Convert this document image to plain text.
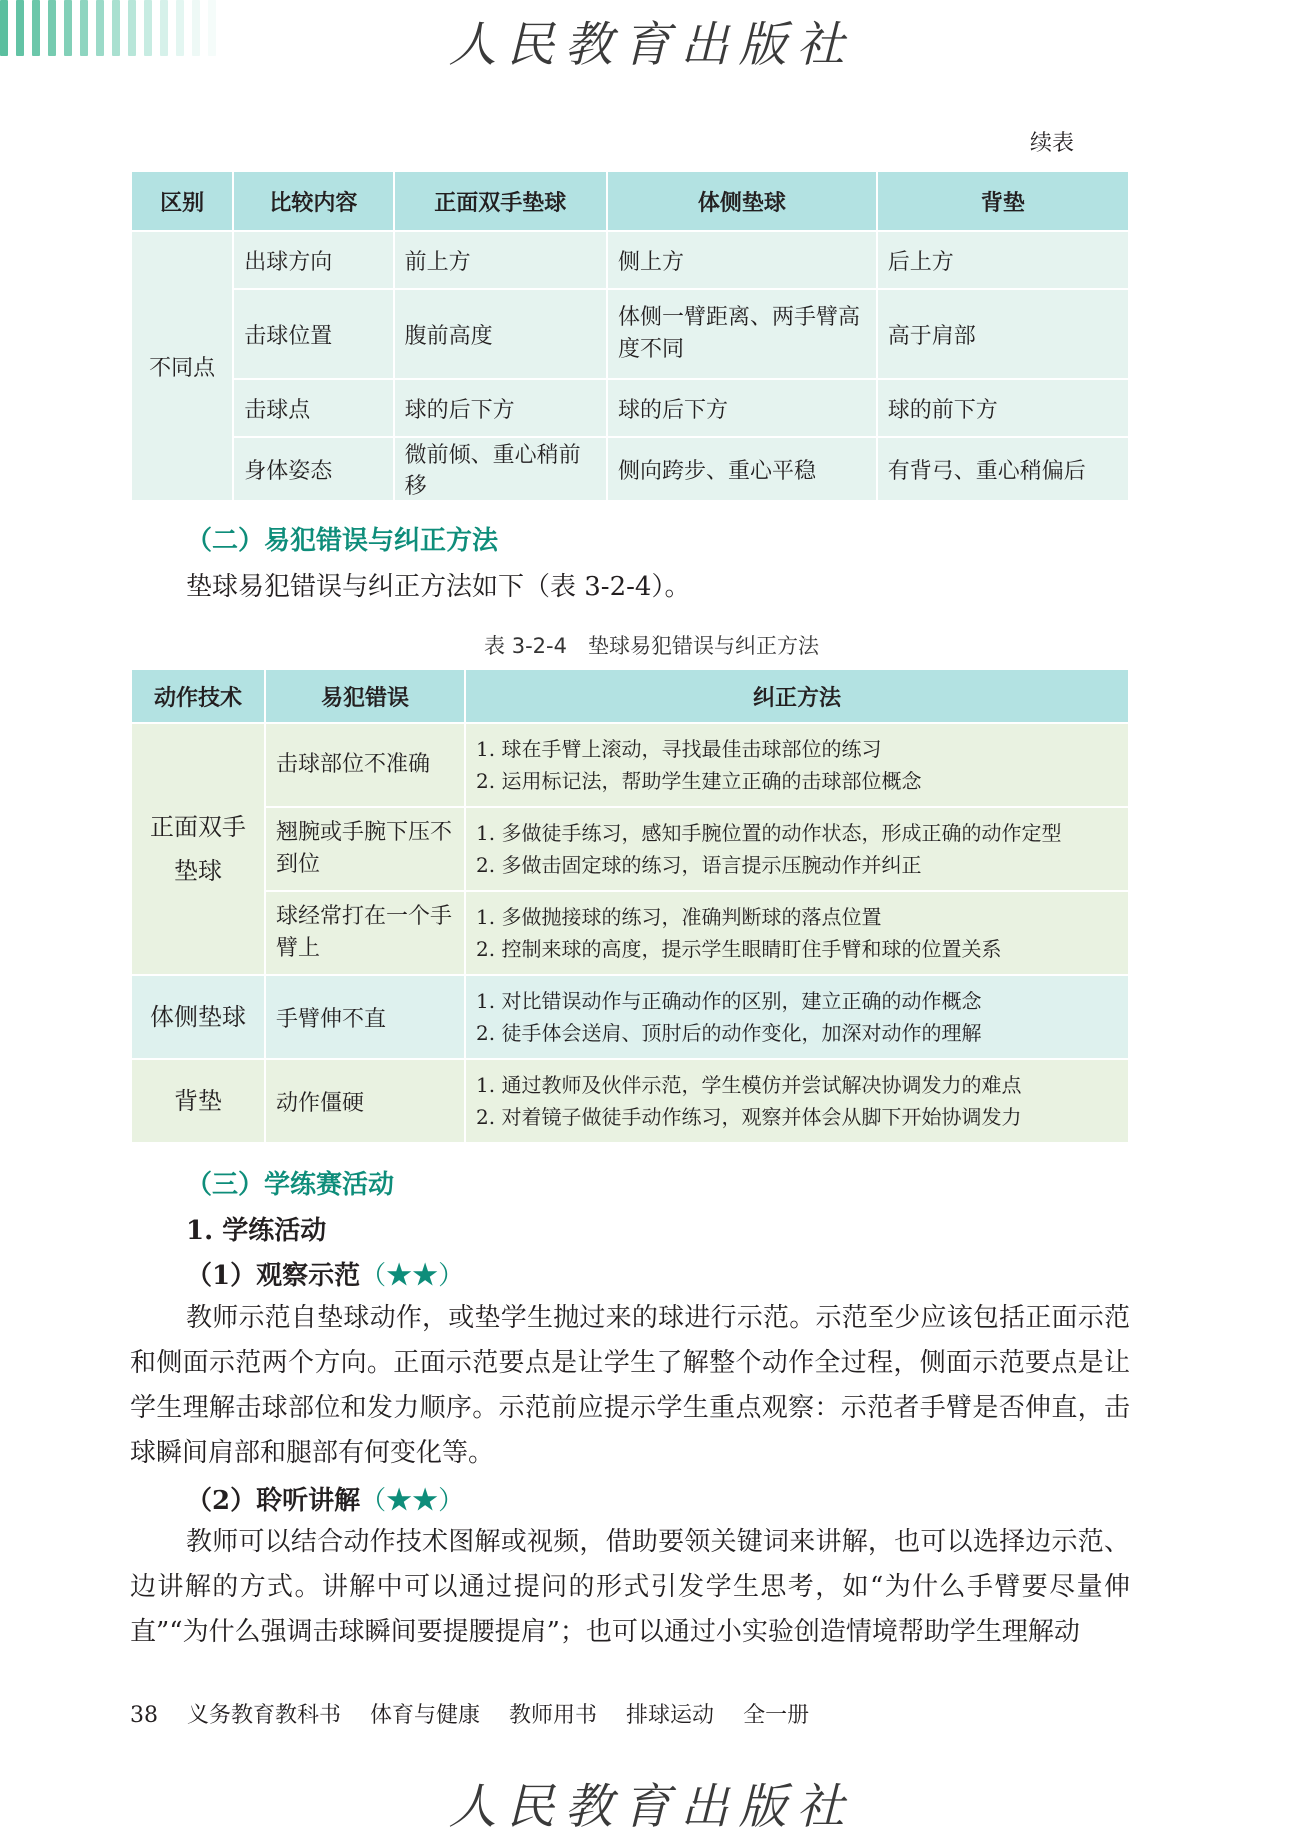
人民教育出版社
续表
区别	比较内容	正面双手垫球	体侧垫球	背垫
不同点	出球方向	前上方	侧上方	后上方
	击球位置	腹前高度	体侧一臂距离、两手臂高度不同	高于肩部
	击球点	球的后下方	球的后下方	球的前下方
	身体姿态	微前倾、重心稍前移	侧向跨步、重心平稳	有背弓、重心稍偏后
（二）易犯错误与纠正方法
垫球易犯错误与纠正方法如下（表 3-2-4）。
表 3-2-4　垫球易犯错误与纠正方法
动作技术	易犯错误	纠正方法
正面双手垫球	击球部位不准确	1. 球在手臂上滚动，寻找最佳击球部位的练习
2. 运用标记法，帮助学生建立正确的击球部位概念

	翘腕或手腕下压不到位	1. 多做徒手练习，感知手腕位置的动作状态，形成正确的动作定型
2. 多做击固定球的练习，语言提示压腕动作并纠正

	球经常打在一个手臂上	1. 多做抛接球的练习，准确判断球的落点位置
2. 控制来球的高度，提示学生眼睛盯住手臂和球的位置关系

体侧垫球	手臂伸不直	1. 对比错误动作与正确动作的区别，建立正确的动作概念
2. 徒手体会送肩、顶肘后的动作变化，加深对动作的理解

背垫	动作僵硬	1. 通过教师及伙伴示范，学生模仿并尝试解决协调发力的难点
2. 对着镜子做徒手动作练习，观察并体会从脚下开始协调发力
（三）学练赛活动
1. 学练活动
（1）观察示范（★★）
教师示范自垫球动作，或垫学生抛过来的球进行示范。示范至少应该包括正面示范和侧面示范两个方向。正面示范要点是让学生了解整个动作全过程，侧面示范要点是让学生理解击球部位和发力顺序。示范前应提示学生重点观察：示范者手臂是否伸直，击球瞬间肩部和腿部有何变化等。
（2）聆听讲解（★★）
教师可以结合动作技术图解或视频，借助要领关键词来讲解，也可以选择边示范、边讲解的方式。讲解中可以通过提问的形式引发学生思考，如“为什么手臂要尽量伸直”“为什么强调击球瞬间要提腰提肩”；也可以通过小实验创造情境帮助学生理解动
38 义务教育教科书 体育与健康 教师用书 排球运动 全一册
人民教育出版社
